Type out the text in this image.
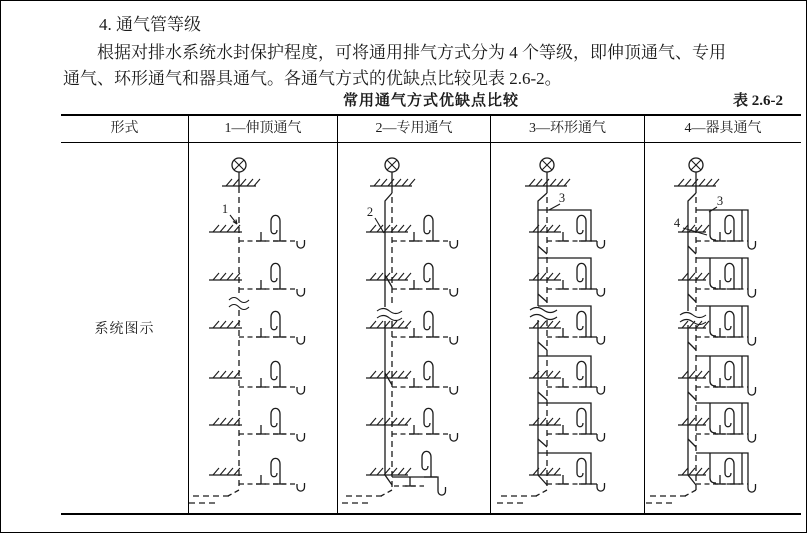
4. 通气管等级
根据对排水系统水封保护程度，可将通用排气方式分为 4 个等级，即伸顶通气、专用
通气、环形通气和器具通气。各通气方式的优缺点比较见表 2.6-2。
常用通气方式优缺点比较	表 2.6-2
形式	1—伸顶通气	2—专用通气	3—环形通气	4—器具通气
系统图示
1	2
3	3
4
